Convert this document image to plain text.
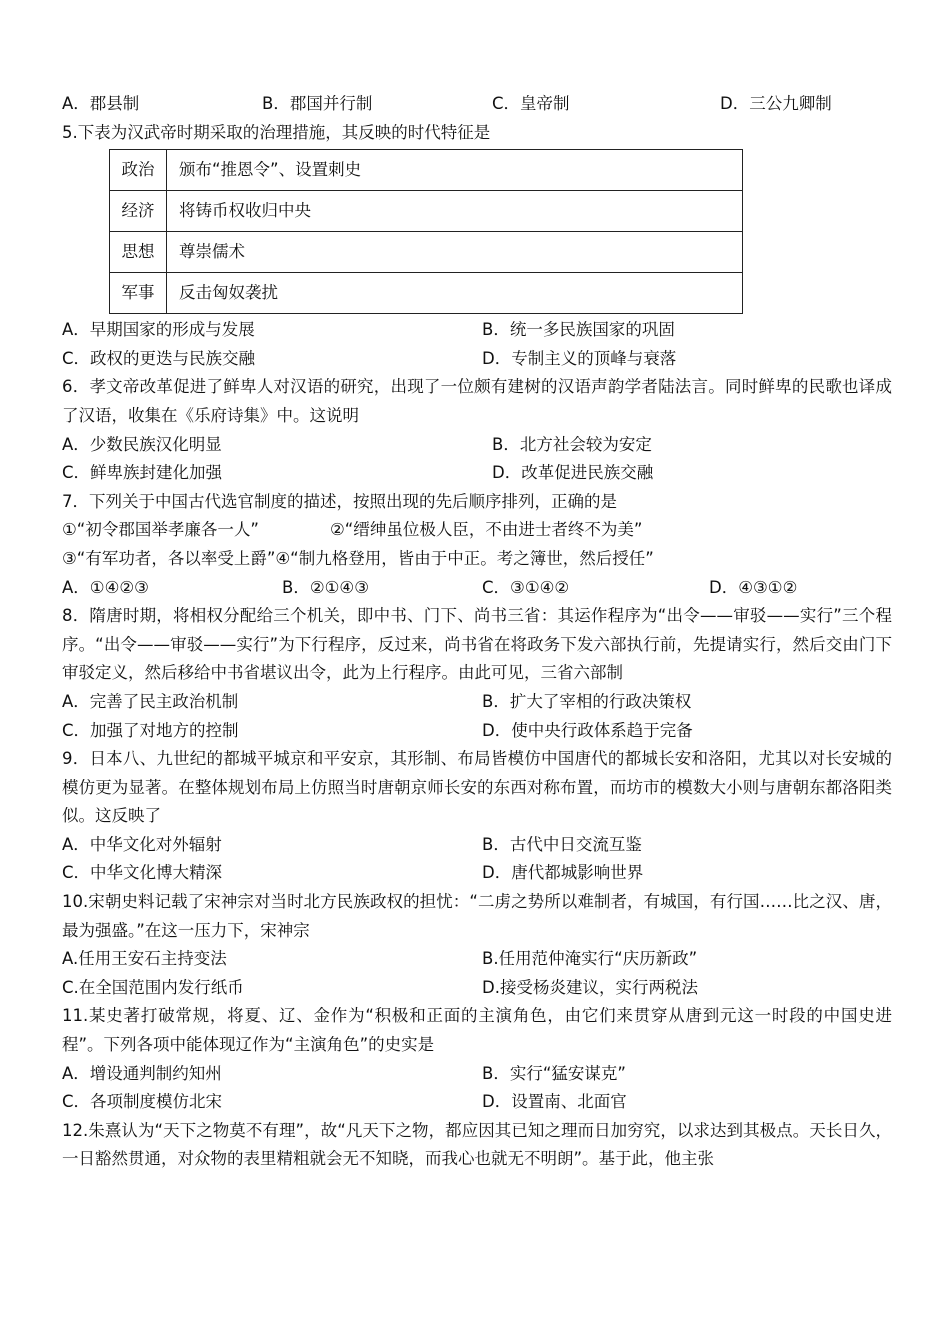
A．郡县制	B．郡国并行制	C．皇帝制	D．三公九卿制
5.下表为汉武帝时期采取的治理措施，其反映的时代特征是
政治	颁布“推恩令”、设置刺史
经济	将铸币权收归中央
思想	尊崇儒术
军事	反击匈奴袭扰
A．早期国家的形成与发展	B．统一多民族国家的巩固
C．政权的更迭与民族交融	D．专制主义的顶峰与衰落
6．孝文帝改革促进了鲜卑人对汉语的研究，出现了一位颇有建树的汉语声韵学者陆法言。同时鲜卑的民歌也译成了汉语，收集在《乐府诗集》中。这说明
A．少数民族汉化明显	B．北方社会较为安定
C．鲜卑族封建化加强	D．改革促进民族交融
7．下列关于中国古代选官制度的描述，按照出现的先后顺序排列，正确的是
①“初令郡国举孝廉各一人”	②“缙绅虽位极人臣，不由进士者终不为美”
③“有军功者，各以率受上爵”④“制九格登用，皆由于中正。考之簿世，然后授任”
A．①④②③	B．②①④③	C．③①④②	D．④③①②
8．隋唐时期，将相权分配给三个机关，即中书、门下、尚书三省：其运作程序为“出令——审驳——实行”三个程序。“出令——审驳——实行”为下行程序，反过来，尚书省在将政务下发六部执行前，先提请实行，然后交由门下审驳定义，然后移给中书省堪议出令，此为上行程序。由此可见，三省六部制
A．完善了民主政治机制	B．扩大了宰相的行政决策权
C．加强了对地方的控制	D．使中央行政体系趋于完备
9．日本八、九世纪的都城平城京和平安京，其形制、布局皆模仿中国唐代的都城长安和洛阳，尤其以对长安城的模仿更为显著。在整体规划布局上仿照当时唐朝京师长安的东西对称布置，而坊市的模数大小则与唐朝东都洛阳类似。这反映了
A．中华文化对外辐射	B．古代中日交流互鉴
C．中华文化博大精深	D．唐代都城影响世界
10.宋朝史料记载了宋神宗对当时北方民族政权的担忧：“二虏之势所以难制者，有城国，有行国……比之汉、唐，最为强盛。”在这一压力下，宋神宗
A.任用王安石主持变法	B.任用范仲淹实行“庆历新政”
C.在全国范围内发行纸币	D.接受杨炎建议，实行两税法
11.某史著打破常规，将夏、辽、金作为“积极和正面的主演角色，由它们来贯穿从唐到元这一时段的中国史进程”。下列各项中能体现辽作为“主演角色”的史实是
A．增设通判制约知州	B．实行“猛安谋克”
C．各项制度模仿北宋	D．设置南、北面官
12.朱熹认为“天下之物莫不有理”，故“凡天下之物，都应因其已知之理而日加穷究，以求达到其极点。天长日久，一日豁然贯通，对众物的表里精粗就会无不知晓，而我心也就无不明朗”。基于此，他主张
